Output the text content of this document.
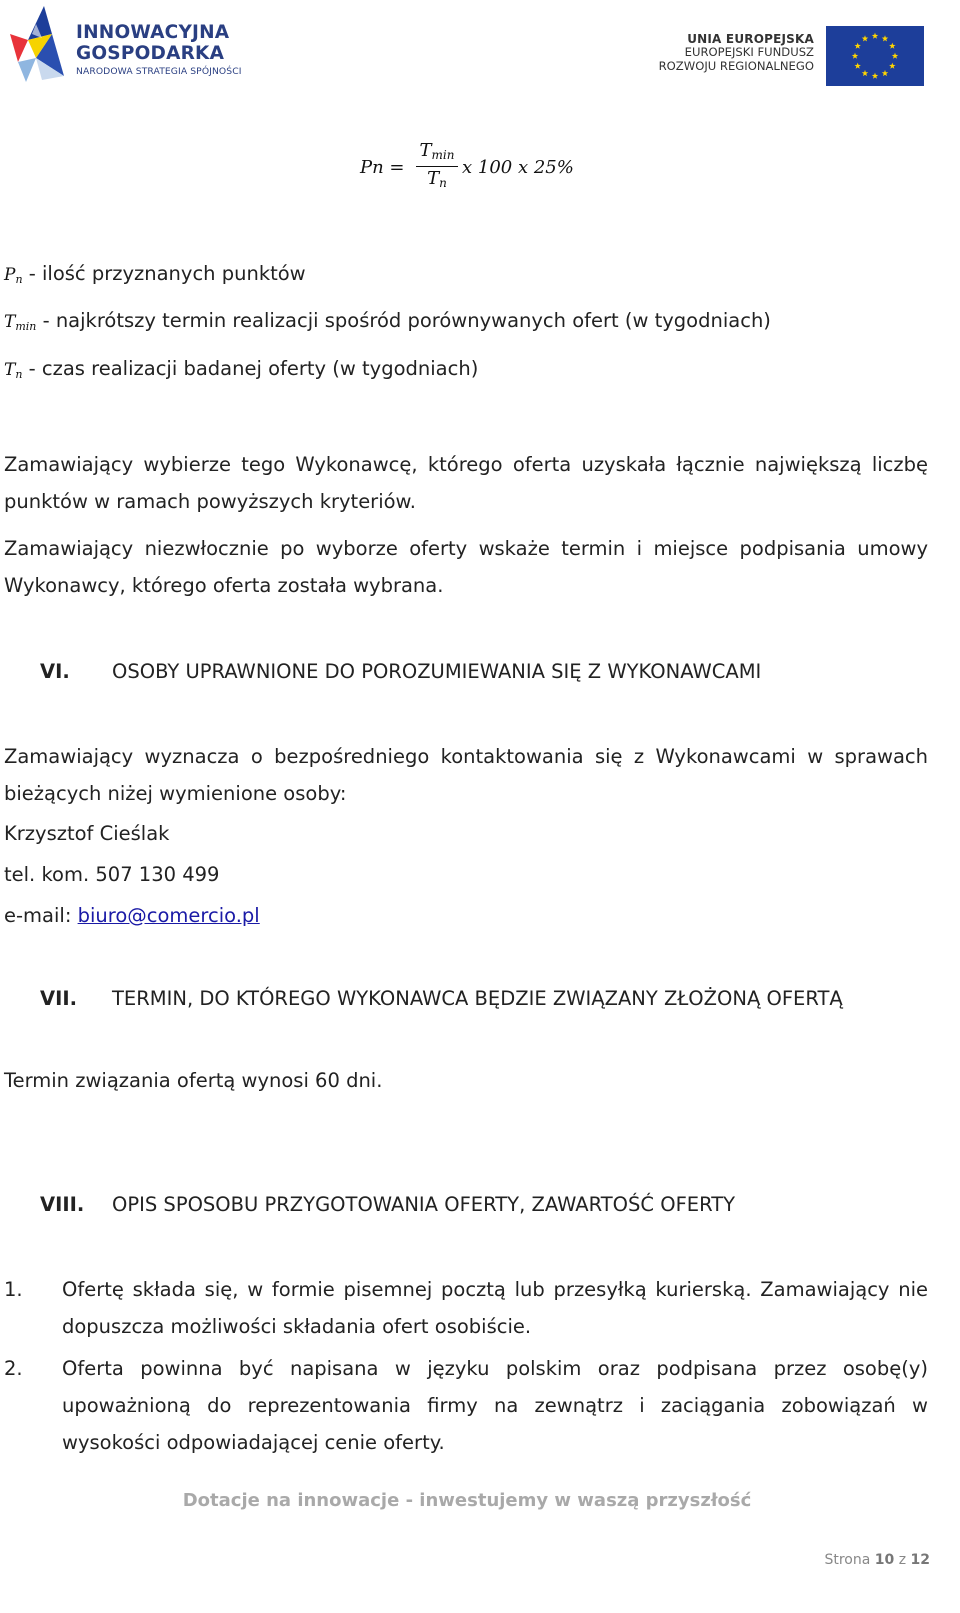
INNOWACYJNA
GOSPODARKA
NARODOWA STRATEGIA SPÓJNOŚCI
UNIA EUROPEJSKA
EUROPEJSKI FUNDUSZ
ROZWOJU REGIONALNEGO
Pn =
$T_{min}$
$T_n$
x 100 x 25%
$P_n$ - ilość przyznanych punktów
$T_{min}$ - najkrótszy termin realizacji spośród porównywanych ofert (w tygodniach)
$T_n$ - czas realizacji badanej oferty (w tygodniach)
Zamawiający wybierze tego Wykonawcę, którego oferta uzyskała łącznie największą liczbę punktów w ramach powyższych kryteriów.
Zamawiający niezwłocznie po wyborze oferty wskaże termin i miejsce podpisania umowy Wykonawcy, którego oferta została wybrana.
VI. OSOBY UPRAWNIONE DO POROZUMIEWANIA SIĘ Z WYKONAWCAMI
Zamawiający wyznacza o bezpośredniego kontaktowania się z Wykonawcami w sprawach bieżących niżej wymienione osoby:
Krzysztof Cieślak
tel. kom. 507 130 499
e-mail: biuro@comercio.pl
VII. TERMIN, DO KTÓREGO WYKONAWCA BĘDZIE ZWIĄZANY ZŁOŻONĄ OFERTĄ
Termin związania ofertą wynosi 60 dni.
VIII. OPIS SPOSOBU PRZYGOTOWANIA OFERTY, ZAWARTOŚĆ OFERTY
1. Ofertę składa się, w formie pisemnej pocztą lub przesyłką kurierską. Zamawiający nie dopuszcza możliwości składania ofert osobiście.
2. Oferta powinna być napisana w języku polskim oraz podpisana przez osobę(y) upoważnioną do reprezentowania firmy na zewnątrz i zaciągania zobowiązań w wysokości odpowiadającej cenie oferty.
Dotacje na innowacje - inwestujemy w waszą przyszłość
Strona 10 z 12
